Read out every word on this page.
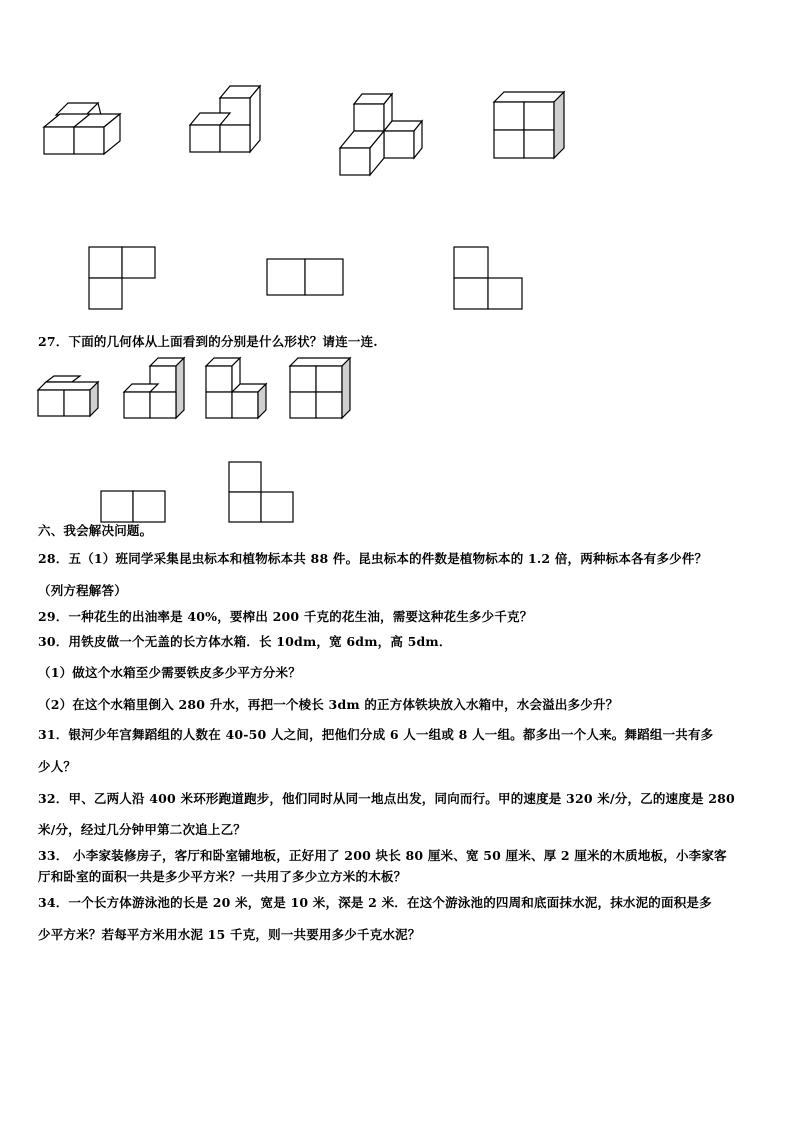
27．下面的几何体从上面看到的分别是什么形状？请连一连.
六、我会解决问题。
28．五（1）班同学采集昆虫标本和植物标本共 88 件。昆虫标本的件数是植物标本的 1.2 倍，两种标本各有多少件？
（列方程解答）
29．一种花生的出油率是 40%，要榨出 200 千克的花生油，需要这种花生多少千克？
30．用铁皮做一个无盖的长方体水箱．长 10dm，宽 6dm，高 5dm．
（1）做这个水箱至少需要铁皮多少平方分米？
（2）在这个水箱里倒入 280 升水，再把一个棱长 3dm 的正方体铁块放入水箱中，水会溢出多少升？
31．银河少年宫舞蹈组的人数在 40-50 人之间，把他们分成 6 人一组或 8 人一组。都多出一个人来。舞蹈组一共有多
少人？
32．甲、乙两人沿 400 米环形跑道跑步，他们同时从同一地点出发，同向而行。甲的速度是 320 米/分，乙的速度是 280
米/分，经过几分钟甲第二次追上乙？
33． 小李家装修房子，客厅和卧室铺地板，正好用了 200 块长 80 厘米、宽 50 厘米、厚 2 厘米的木质地板，小李家客
厅和卧室的面积一共是多少平方米？一共用了多少立方米的木板？
34．一个长方体游泳池的长是 20 米，宽是 10 米，深是 2 米．在这个游泳池的四周和底面抹水泥，抹水泥的面积是多
少平方米？若每平方米用水泥 15 千克，则一共要用多少千克水泥？
